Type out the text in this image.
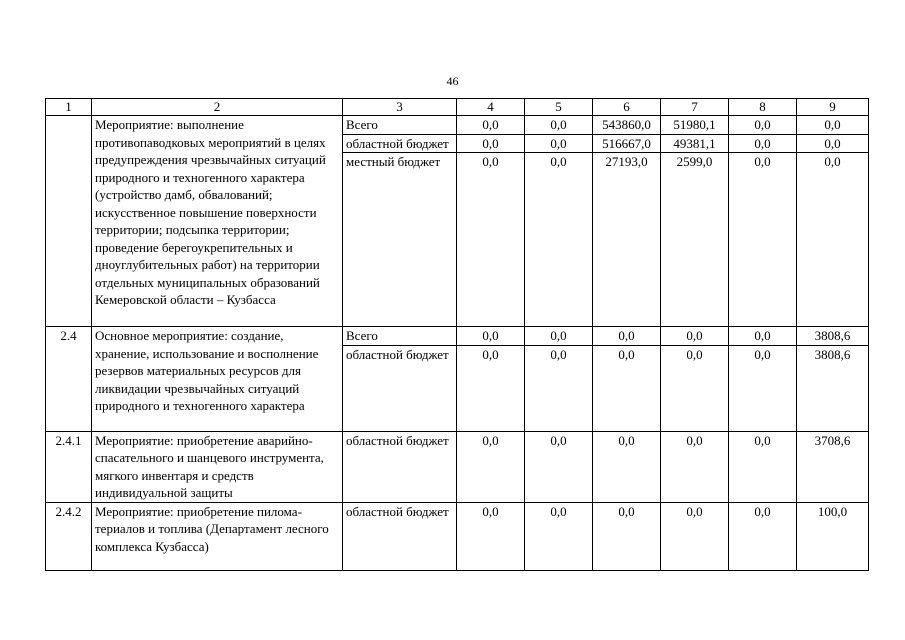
46
1	2	3	4	5	6	7	8	9
	Мероприятие: выполнение противопаводковых мероприятий в целях предупреждения чрезвычайных ситуаций природного и техногенного характера (устройство дамб, обвалований; искусственное повышение поверхности территории; подсыпка территории; проведение берегоукрепительных и дноуглубительных работ) на территории отдельных муниципальных образований Кемеровской области – Кузбасса	Всего	0,0	0,0	543860,0	51980,1	0,0	0,0
		областной бюджет	0,0	0,0	516667,0	49381,1	0,0	0,0
		местный бюджет	0,0	0,0	27193,0	2599,0	0,0	0,0
2.4	Основное мероприятие: создание, хранение, использование и восполнение резервов материальных ресурсов для ликвидации чрезвычайных ситуаций природного и техногенного характера	Всего	0,0	0,0	0,0	0,0	0,0	3808,6
		областной бюджет	0,0	0,0	0,0	0,0	0,0	3808,6
2.4.1	Мероприятие: приобретение аварийно-спасательного и шанцевого инструмента, мягкого инвентаря и средств индивидуальной защиты	областной бюджет	0,0	0,0	0,0	0,0	0,0	3708,6
2.4.2	Мероприятие: приобретение пилома-териалов и топлива (Департамент лесного комплекса Кузбасса)	областной бюджет	0,0	0,0	0,0	0,0	0,0	100,0
